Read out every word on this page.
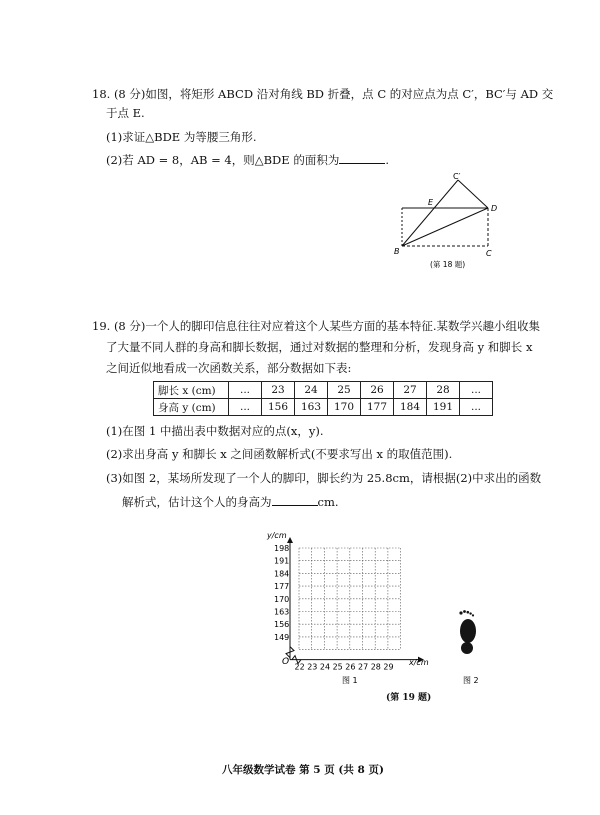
18. (8 分)如图，将矩形 ABCD 沿对角线 BD 折叠，点 C 的对应点为点 C′，BC′与 AD 交
于点 E.
(1)求证△BDE 为等腰三角形.
(2)若 AD = 8，AB = 4，则△BDE 的面积为	.
C′
E
D
B	C
(第 18 题)
19. (8 分)一个人的脚印信息往往对应着这个人某些方面的基本特征.某数学兴趣小组收集
了大量不同人群的身高和脚长数据，通过对数据的整理和分析，发现身高 y 和脚长 x
之间近似地看成一次函数关系，部分数据如下表:
脚长 x (cm)	...	23	24	25	26	27	28	...
身高 y (cm)	...	156	163	170	177	184	191	...
(1)在图 1 中描出表中数据对应的点(x，y).
(2)求出身高 y 和脚长 x 之间函数解析式(不要求写出 x 的取值范围).
(3)如图 2，某场所发现了一个人的脚印，脚长约为 25.8cm，请根据(2)中求出的函数
解析式，估计这个人的身高为	cm.
198
191
184
177
170
163
156
149
22 23 24 25 26 27 28 29
y/cm
x/cm
O
图 1	图 2
(第 19 题)
八年级数学试卷 第 5 页 (共 8 页)
